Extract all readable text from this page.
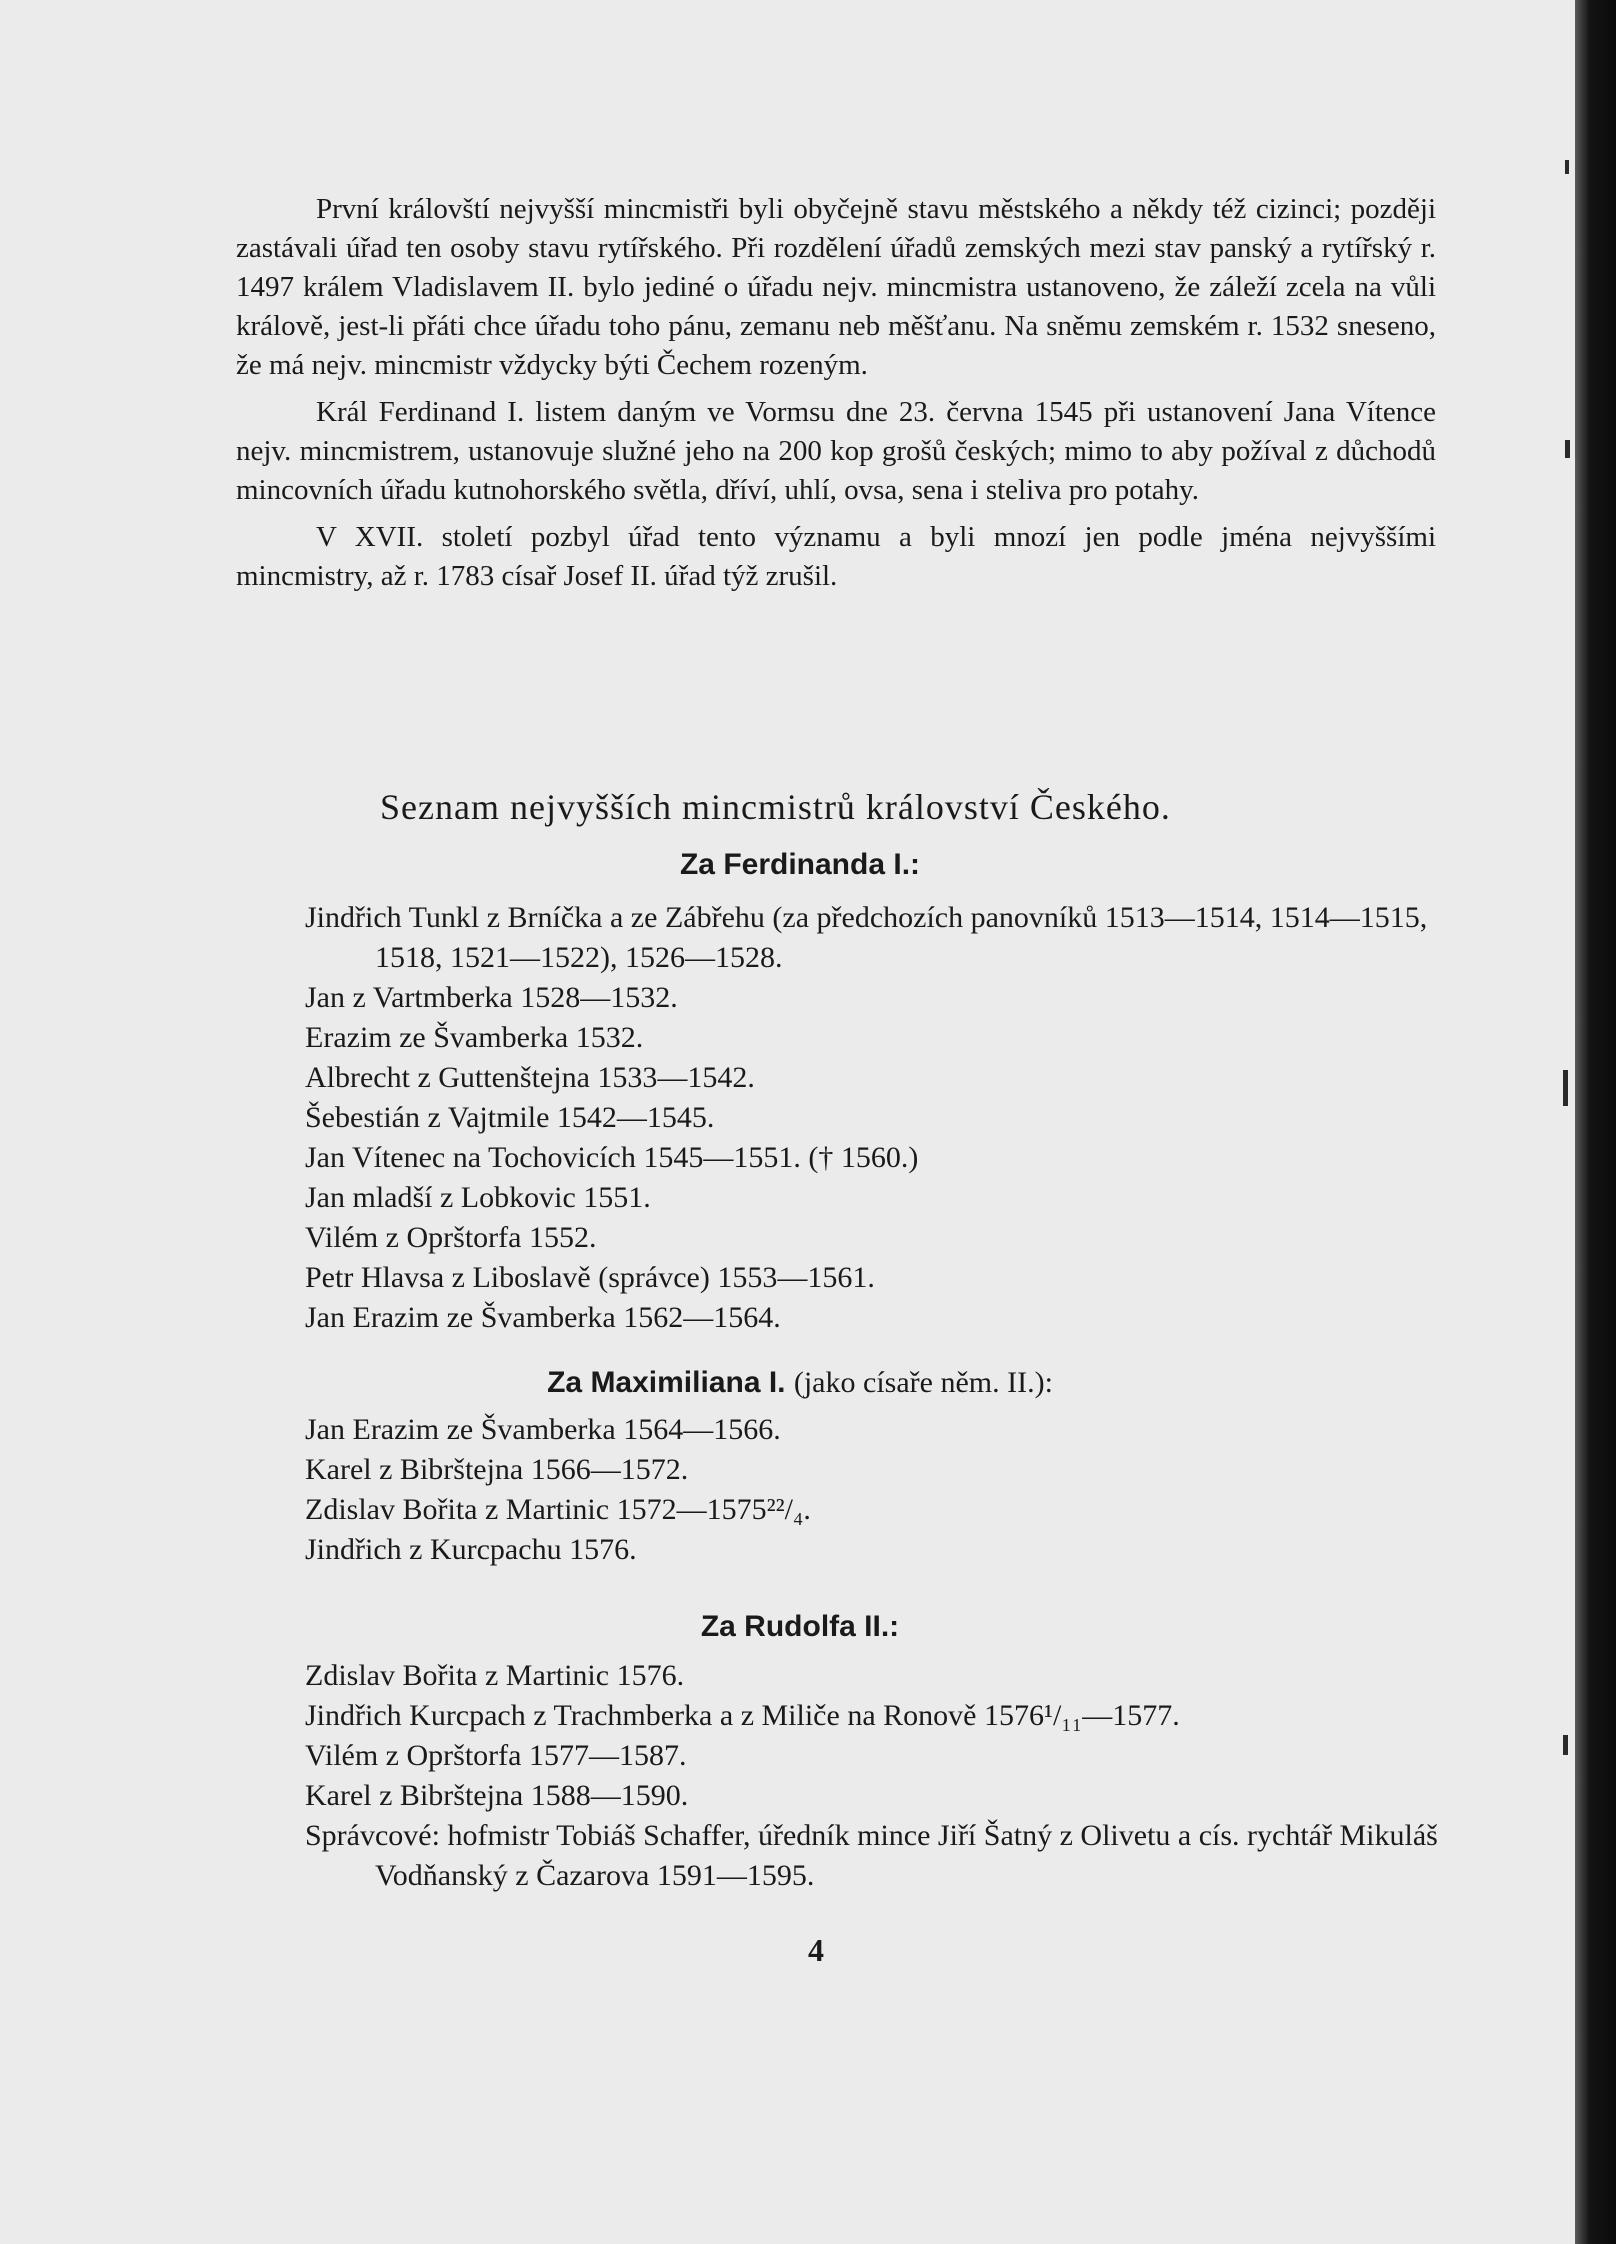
První královští nejvyšší mincmistři byli obyčejně stavu městského a někdy též cizinci; později zastávali úřad ten osoby stavu rytířského. Při rozdělení úřadů zemských mezi stav panský a rytířský r. 1497 králem Vladislavem II. bylo jediné o úřadu nejv. mincmistra ustanoveno, že záleží zcela na vůli králově, jest-li přáti chce úřadu toho pánu, zemanu neb měšťanu. Na sněmu zemském r. 1532 sneseno, že má nejv. mincmistr vždycky býti Čechem rozeným.

Král Ferdinand I. listem daným ve Vormsu dne 23. června 1545 při ustanovení Jana Vítence nejv. mincmistrem, ustanovuje služné jeho na 200 kop grošů českých; mimo to aby požíval z důchodů mincovních úřadu kutnohorského světla, dříví, uhlí, ovsa, sena i steliva pro potahy.

V XVII. století pozbyl úřad tento významu a byli mnozí jen podle jména nejvyššími mincmistry, až r. 1783 císař Josef II. úřad týž zrušil.

Seznam nejvyšších mincmistrů království Českého.
Za Ferdinanda I.:

Jindřich Tunkl z Brníčka a ze Zábřehu (za předchozích panovníků 1513—1514, 1514—1515, 1518, 1521—1522), 1526—1528.

Jan z Vartmberka 1528—1532.

Erazim ze Švamberka 1532.

Albrecht z Guttenštejna 1533—1542.

Šebestián z Vajtmile 1542—1545.

Jan Vítenec na Tochovicích 1545—1551. († 1560.)

Jan mladší z Lobkovic 1551.

Vilém z Oprštorfa 1552.

Petr Hlavsa z Liboslavě (správce) 1553—1561.

Jan Erazim ze Švamberka 1562—1564.

Za Maximiliana I. (jako císaře něm. II.):

Jan Erazim ze Švamberka 1564—1566.

Karel z Bibrštejna 1566—1572.

Zdislav Bořita z Martinic 1572—1575²²/₄.

Jindřich z Kurcpachu 1576.

Za Rudolfa II.:

Zdislav Bořita z Martinic 1576.

Jindřich Kurcpach z Trachmberka a z Miliče na Ronově 1576¹/₁₁—1577.

Vilém z Oprštorfa 1577—1587.

Karel z Bibrštejna 1588—1590.

Správcové: hofmistr Tobiáš Schaffer, úředník mince Jiří Šatný z Olivetu a cís. rychtář Mikuláš Vodňanský z Čazarova 1591—1595.

4
